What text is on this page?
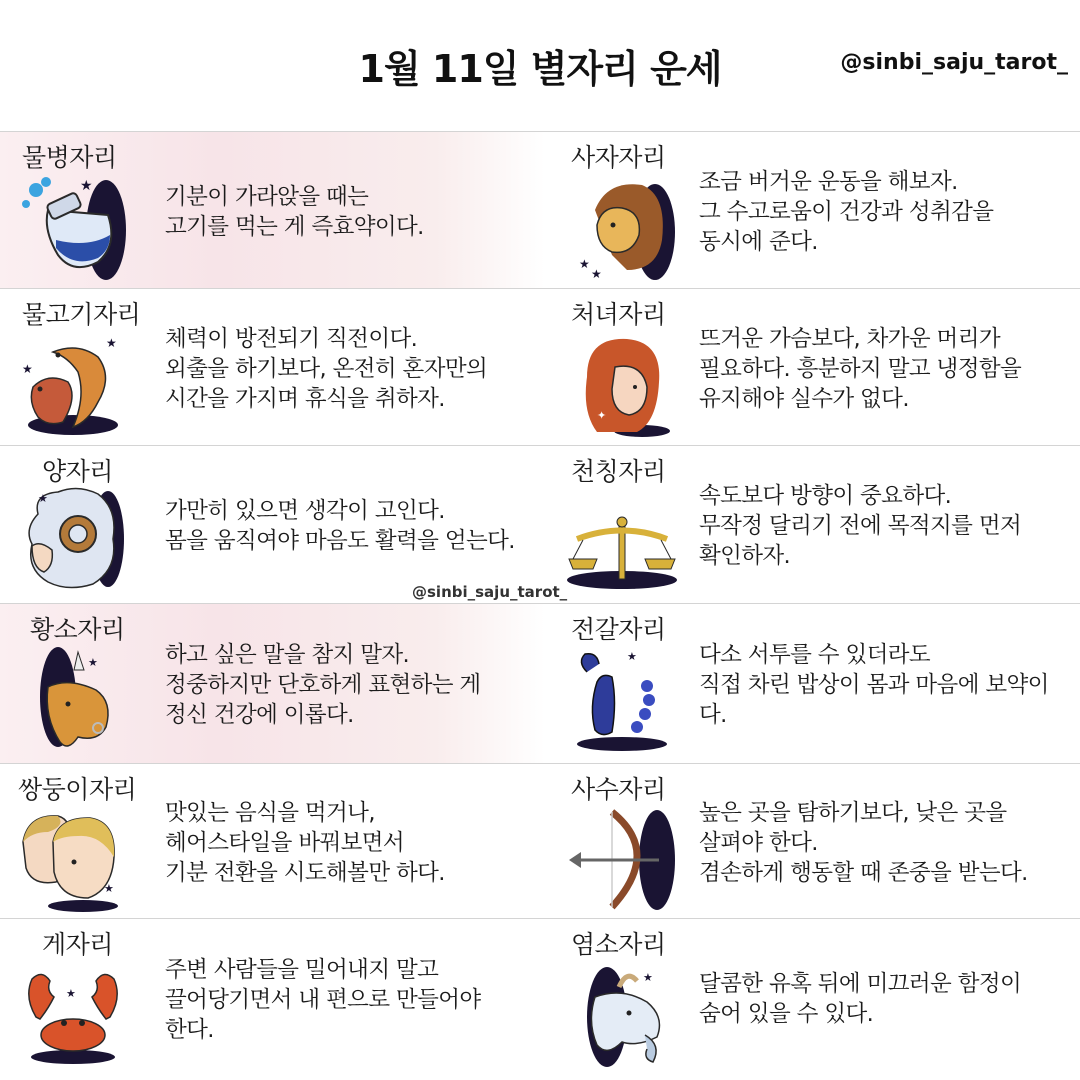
1월 11일 별자리 운세	@sinbi_saju_tarot_
물병자리
★	기분이 가라앉을 때는
고기를 먹는 게 즉효약이다.
사자자리
★
★
조금 버거운 운동을 해보자.
그 수고로움이 건강과 성취감을
동시에 준다.
물고기자리
★
★ 체력이 방전되기 직전이다.
외출을 하기보다, 온전히 혼자만의
시간을 가지며 휴식을 취하자.
처녀자리
✦
뜨거운 가슴보다, 차가운 머리가
필요하다. 흥분하지 말고 냉정함을
유지해야 실수가 없다.
양자리
★	가만히 있으면 생각이 고인다.
몸을 움직여야 마음도 활력을 얻는다.
천칭자리
속도보다 방향이 중요하다.
무작정 달리기 전에 목적지를 먼저
확인하자.
@sinbi_saju_tarot_
황소자리
★	하고 싶은 말을 참지 말자.
정중하지만 단호하게 표현하는 게
정신 건강에 이롭다.
전갈자리
★	다소 서투를 수 있더라도
직접 차린 밥상이 몸과 마음에 보약이
다.
쌍둥이자리
★
맛있는 음식을 먹거나,
헤어스타일을 바꿔보면서
기분 전환을 시도해볼만 하다.
사수자리
✦	높은 곳을 탐하기보다, 낮은 곳을
살펴야 한다.
겸손하게 행동할 때 존중을 받는다.
게자리
★
주변 사람들을 밀어내지 말고
끌어당기면서 내 편으로 만들어야
한다.
염소자리
★ 달콤한 유혹 뒤에 미끄러운 함정이
숨어 있을 수 있다.
